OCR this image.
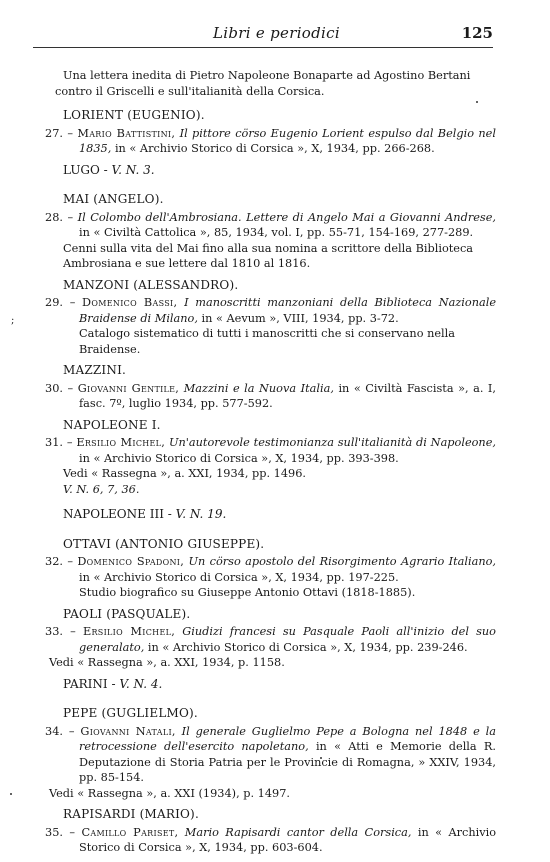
Libri e periodici	125
;

Una lettera inedita di Pietro Napoleone Bonaparte ad Agostino Bertani contro il Griscelli e sull'italianità della Corsica.

LORIENT (EUGENIO).

27. – Mario Battistini, Il pittore cörso Eugenio Lorient espulso dal Belgio nel 1835, in « Archivio Storico di Corsica », X, 1934, pp. 266-268.

LUGO - V. N. 3.
MAI (ANGELO).

28. – Il Colombo dell'Ambrosiana. Lettere di Angelo Mai a Giovanni Andrese, in « Civiltà Cattolica », 85, 1934, vol. I, pp. 55-71, 154-169, 277-289.

Cenni sulla vita del Mai fino alla sua nomina a scrittore della Biblioteca Ambrosiana e sue lettere dal 1810 al 1816.

MANZONI (ALESSANDRO).

29. – Domenico Bassi, I manoscritti manzoniani della Biblioteca Nazionale Braidense di Milano, in « Aevum », VIII, 1934, pp. 3-72.

Catalogo sistematico di tutti i manoscritti che si conservano nella Braidense.

MAZZINI.

30. – Giovanni Gentile, Mazzini e la Nuova Italia, in « Civiltà Fascista », a. I, fasc. 7º, luglio 1934, pp. 577-592.

NAPOLEONE I.

31. – Ersilio Michel, Un'autorevole testimonianza sull'italianità di Napoleone, in « Archivio Storico di Corsica », X, 1934, pp. 393-398.

Vedi « Rassegna », a. XXI, 1934, pp. 1496.

V. N. 6, 7, 36.

NAPOLEONE III - V. N. 19.
OTTAVI (ANTONIO GIUSEPPE).

32. – Domenico Spadoni, Un cörso apostolo del Risorgimento Agrario Italiano, in « Archivio Storico di Corsica », X, 1934, pp. 197-225.

Studio biografico su Giuseppe Antonio Ottavi (1818-1885).

PAOLI (PASQUALE).

33. – Ersilio Michel, Giudizi francesi su Pasquale Paoli all'inizio del suo generalato, in « Archivio Storico di Corsica », X, 1934, pp. 239-246.

Vedi « Rassegna », a. XXI, 1934, p. 1158.

PARINI - V. N. 4.
PEPE (GUGLIELMO).

34. – Giovanni Natali, Il generale Guglielmo Pepe a Bologna nel 1848 e la retrocessione dell'esercito napoletano, in « Atti e Memorie della R. Deputazione di Storia Patria per le Provincie di Romagna, » XXIV, 1934, pp. 85-154.

Vedi « Rassegna », a. XXI (1934), p. 1497.

RAPISARDI (MARIO).

35. – Camillo Pariset, Mario Rapisardi cantor della Corsica, in « Archivio Storico di Corsica », X, 1934, pp. 603-604.
